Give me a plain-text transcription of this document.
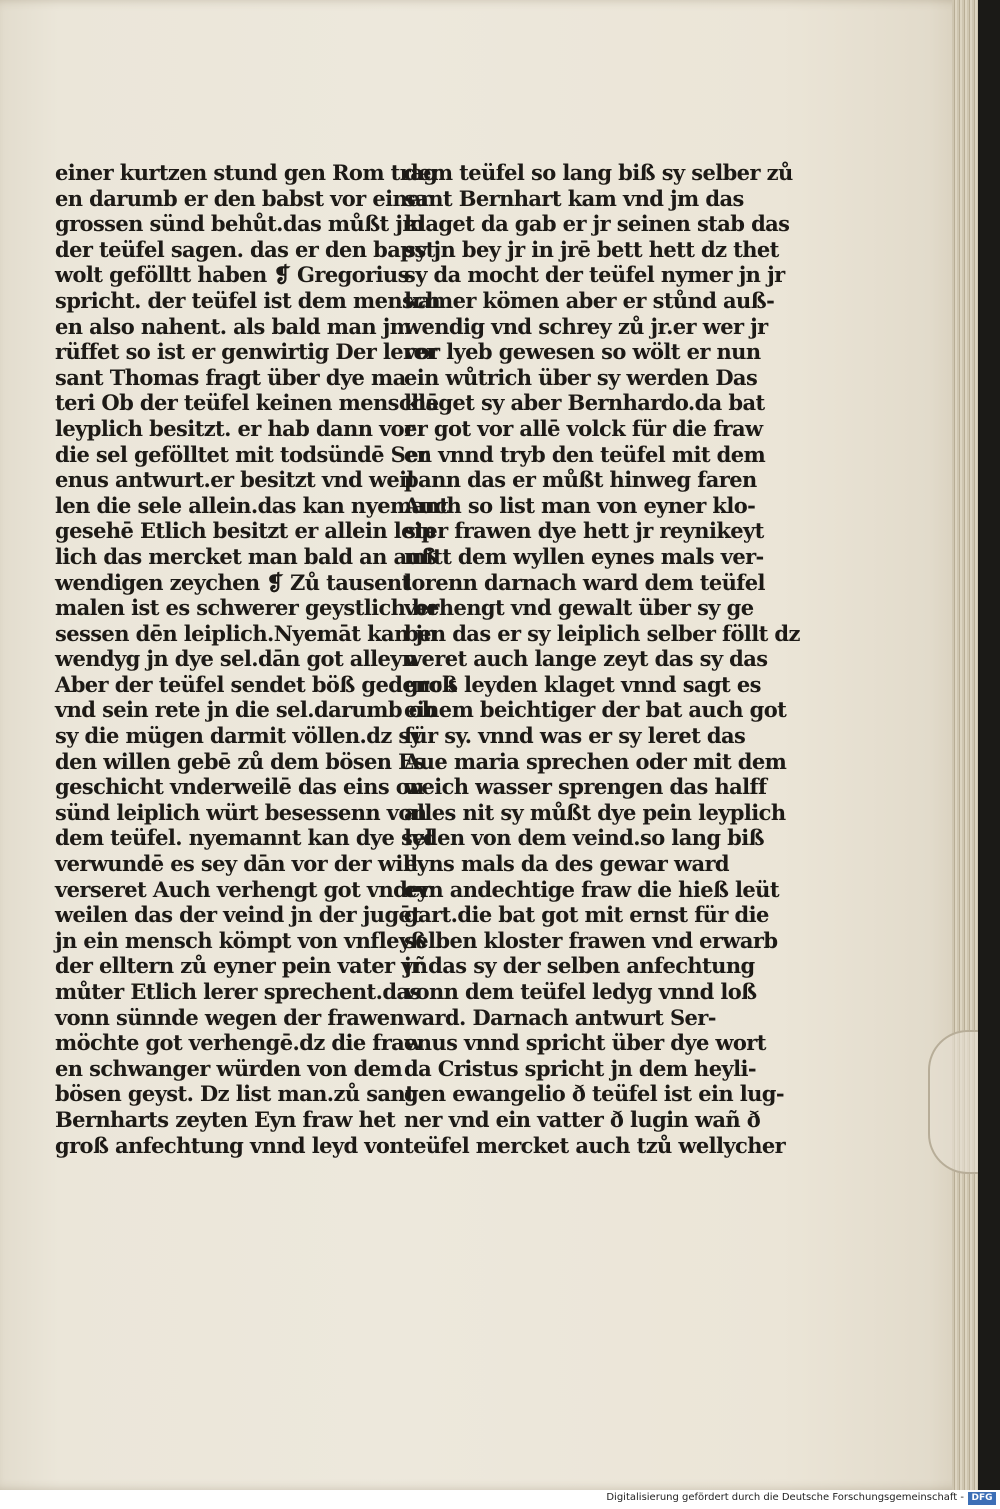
einer kurtzen stund gen Rom trag
en darumb er den babst vor einer
grossen sünd behůt.das můßt jm
der teüfel sagen. das er den bapst
wolt gefölltt haben ❡ Gregorius
spricht. der teüfel ist dem mensch
en also nahent. als bald man jm
rüffet so ist er genwirtig Der lerer
sant Thomas fragt über dye ma
teri Ob der teüfel keinen menschē
leyplich besitzt. er hab dann vor
die sel gefölltet mit todsündē Ser
enus antwurt.er besitzt vnd weil
len die sele allein.das kan nyemant
gesehē Etlich besitzt er allein leip
lich das mercket man bald an auß
wendigen zeychen ❡ Zů tausent
malen ist es schwerer geystlich be
sessen dēn leiplich.Nyemāt kan jn
wendyg jn dye sel.dān got alleyn
Aber der teüfel sendet böß gedenck
vnd sein rete jn die sel.darumb ob
sy die mügen darmit völlen.dz sy
den willen gebē zů dem bösen Es
geschicht vnderweilē das eins on
sünd leiplich würt besessenn von
dem teüfel. nyemannt kan dye sel
verwundē es sey dān vor der will
verseret Auch verhengt got vnder
weilen das der veind jn der jugēt
jn ein mensch kömpt von vnfleyß
der elltern zů eyner pein vater vñ
můter Etlich lerer sprechent.das
vonn sünnde wegen der frawen
möchte got verhengē.dz die fraw
en schwanger würden von dem
bösen geyst. Dz list man.zů sant
Bernharts zeyten Eyn fraw het
groß anfechtung vnnd leyd von
dem teüfel so lang biß sy selber zů
sant Bernhart kam vnd jm das
klaget da gab er jr seinen stab das
sy jn bey jr in jrē bett hett dz thet
sy da mocht der teüfel nymer jn jr
kamer kömen aber er stůnd auß-
wendig vnd schrey zů jr.er wer jr
vor lyeb gewesen so wölt er nun
ein wůtrich über sy werden Das
klaget sy aber Bernhardo.da bat
er got vor allē volck für die fraw
en vnnd tryb den teüfel mit dem
pann das er můßt hinweg faren
Auch so list man von eyner klo-
ster frawen dye hett jr reynikeyt
mitt dem wyllen eynes mals ver-
lorenn darnach ward dem teüfel
verhengt vnd gewalt über sy ge
ben das er sy leiplich selber föllt dz
weret auch lange zeyt das sy das
groß leyden klaget vnnd sagt es
einem beichtiger der bat auch got
für sy. vnnd was er sy leret das
Aue maria sprechen oder mit dem
weich wasser sprengen das halff
alles nit sy můßt dye pein leyplich
lyden von dem veind.so lang biß
eyns mals da des gewar ward
eyn andechtige fraw die hieß leüt
gart.die bat got mit ernst für die
selben kloster frawen vnd erwarb
jr das sy der selben anfechtung
vonn dem teüfel ledyg vnnd loß
ward. Darnach antwurt Ser-
enus vnnd spricht über dye wort
da Cristus spricht jn dem heyli-
gen ewangelio ð teüfel ist ein lug-
ner vnd ein vatter ð lugin wañ ð
teüfel mercket auch tzů wellycher
Digitalisierung gefördert durch die Deutsche Forschungsgemeinschaft - DFG
